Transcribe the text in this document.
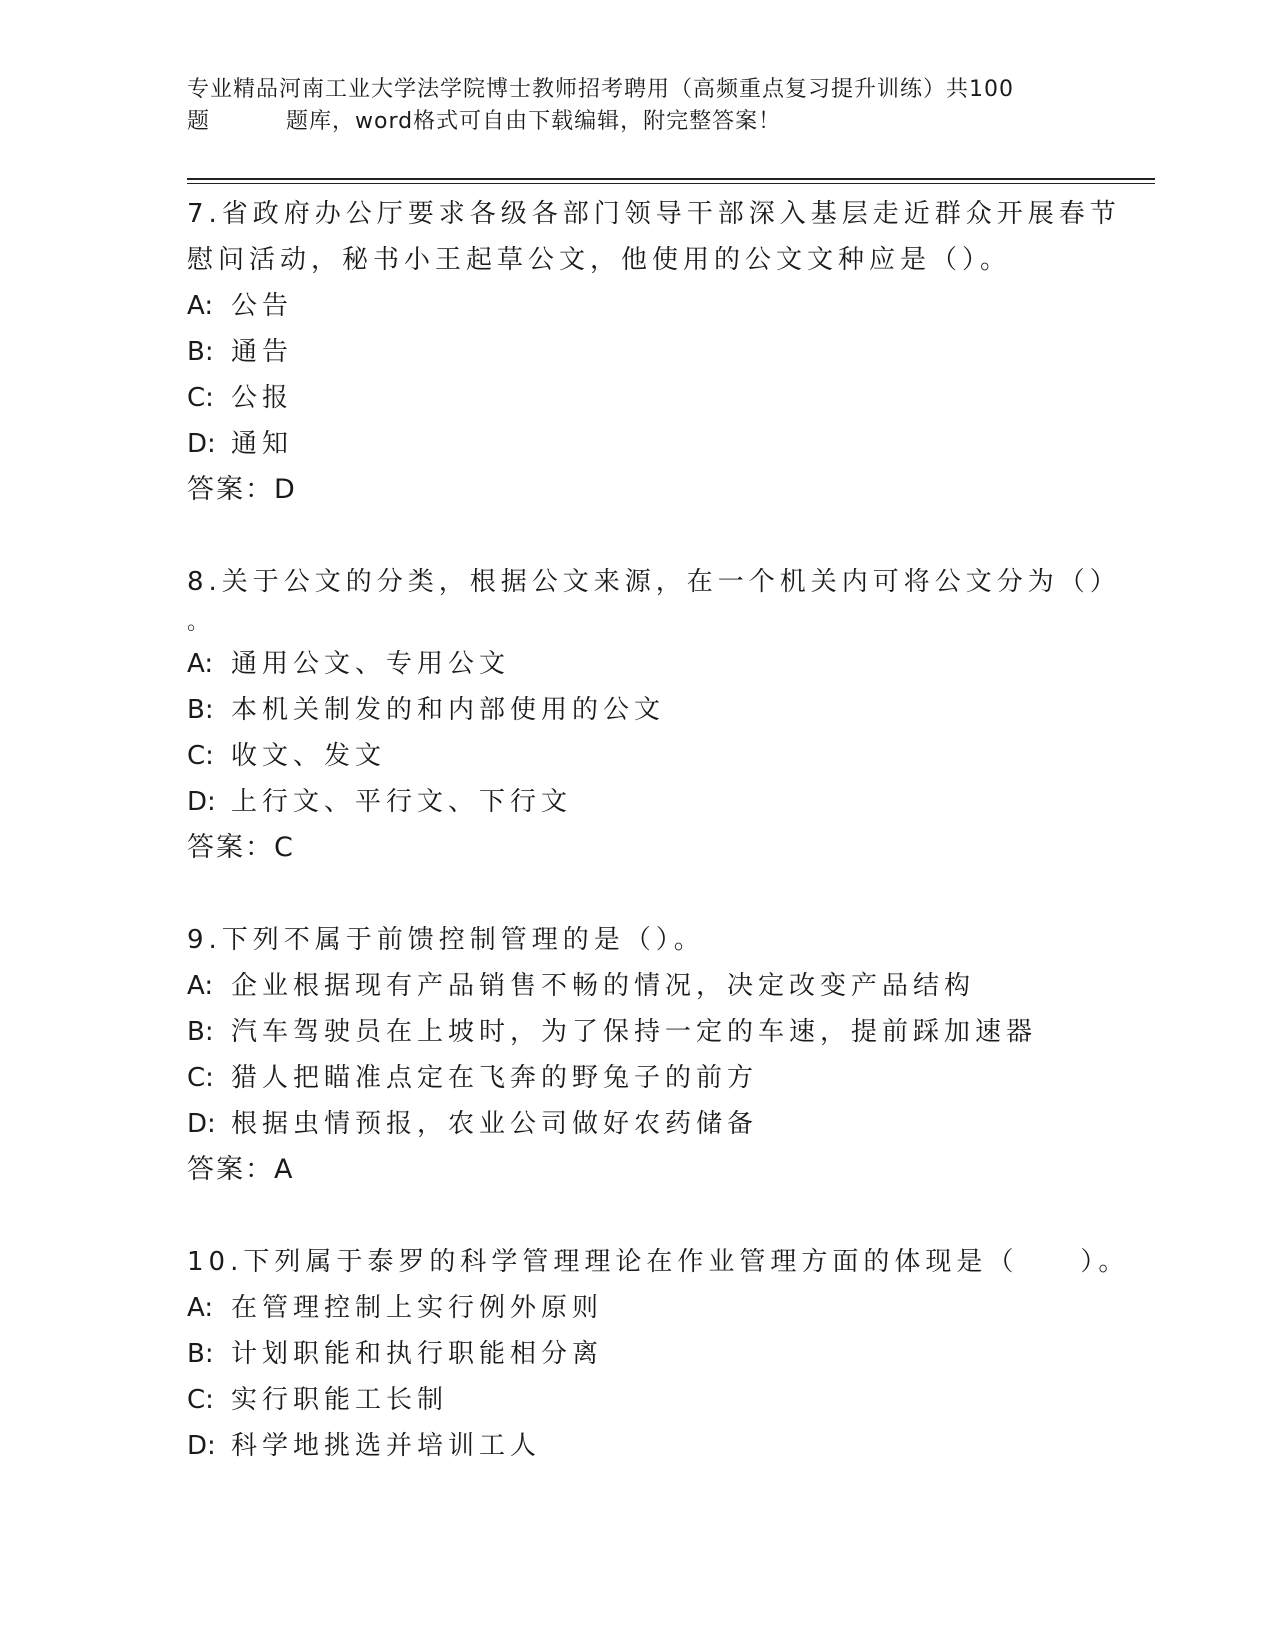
专业精品河南工业大学法学院博士教师招考聘用（高频重点复习提升训练）共100
题	题库，word格式可自由下载编辑，附完整答案！
7.省政府办公厅要求各级各部门领导干部深入基层走近群众开展春节
慰问活动，秘书小王起草公文，他使用的公文文种应是（）。
A: 公告
B: 通告
C: 公报
D: 通知
答案：D
8.关于公文的分类，根据公文来源，在一个机关内可将公文分为（）
。
A: 通用公文、专用公文
B: 本机关制发的和内部使用的公文
C: 收文、发文
D: 上行文、平行文、下行文
答案：C
9.下列不属于前馈控制管理的是（）。
A: 企业根据现有产品销售不畅的情况，决定改变产品结构
B: 汽车驾驶员在上坡时，为了保持一定的车速，提前踩加速器
C: 猎人把瞄准点定在飞奔的野兔子的前方
D: 根据虫情预报，农业公司做好农药储备
答案：A
10.下列属于泰罗的科学管理理论在作业管理方面的体现是（　　）。
A: 在管理控制上实行例外原则
B: 计划职能和执行职能相分离
C: 实行职能工长制
D: 科学地挑选并培训工人
